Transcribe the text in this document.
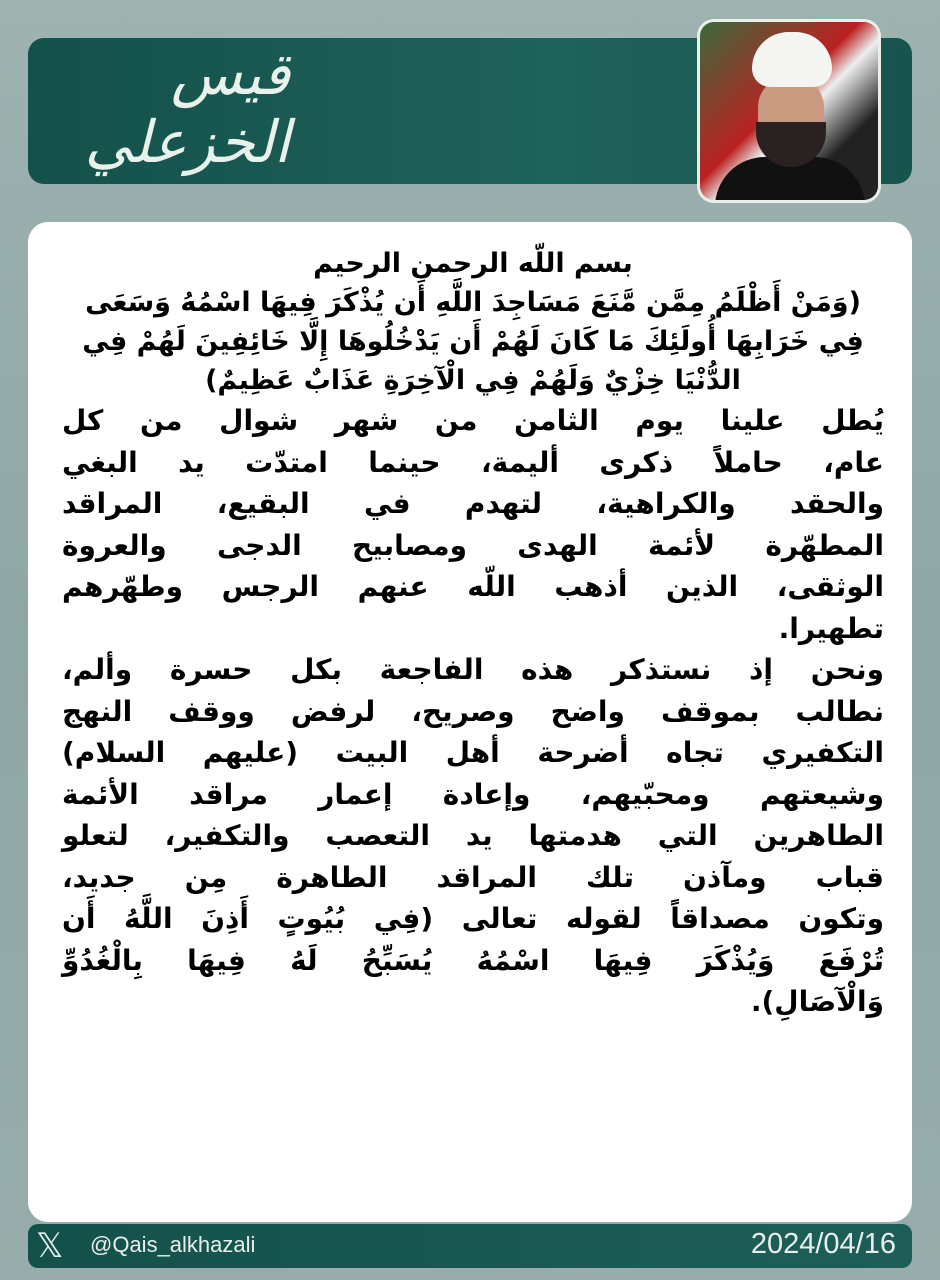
قيس الخزعلي
بسم اللّه الرحمن الرحيم
(وَمَنْ أَظْلَمُ مِمَّن مَّنَعَ مَسَاجِدَ اللَّهِ أَن يُذْكَرَ فِيهَا اسْمُهُ وَسَعَى
فِي خَرَابِهَا أُولَئِكَ مَا كَانَ لَهُمْ أَن يَدْخُلُوهَا إِلَّا خَائِفِينَ لَهُمْ فِي
الدُّنْيَا خِزْيٌ وَلَهُمْ فِي الْآخِرَةِ عَذَابٌ عَظِيمٌ)
يُطل علينا يوم الثامن من شهر شوال من كل
عام، حاملاً ذكرى أليمة، حينما امتدّت يد البغي
والحقد والكراهية، لتهدم في البقيع، المراقد
المطهّرة لأئمة الهدى ومصابيح الدجى والعروة
الوثقى، الذين أذهب اللّه عنهم الرجس وطهّرهم
تطهيرا.
ونحن إذ نستذكر هذه الفاجعة بكل حسرة وألم،
نطالب بموقف واضح وصريح، لرفض ووقف النهج
التكفيري تجاه أضرحة أهل البيت (عليهم السلام)
وشيعتهم ومحبّيهم، وإعادة إعمار مراقد الأئمة
الطاهرين التي هدمتها يد التعصب والتكفير، لتعلو
قباب ومآذن تلك المراقد الطاهرة مِن جديد،
وتكون مصداقاً لقوله تعالى (فِي بُيُوتٍ أَذِنَ اللَّهُ أَن
تُرْفَعَ وَيُذْكَرَ فِيهَا اسْمُهُ يُسَبِّحُ لَهُ فِيهَا بِالْغُدُوِّ
وَالْآصَالِ).
𝕏 @Qais_alkhazali	2024/04/16
